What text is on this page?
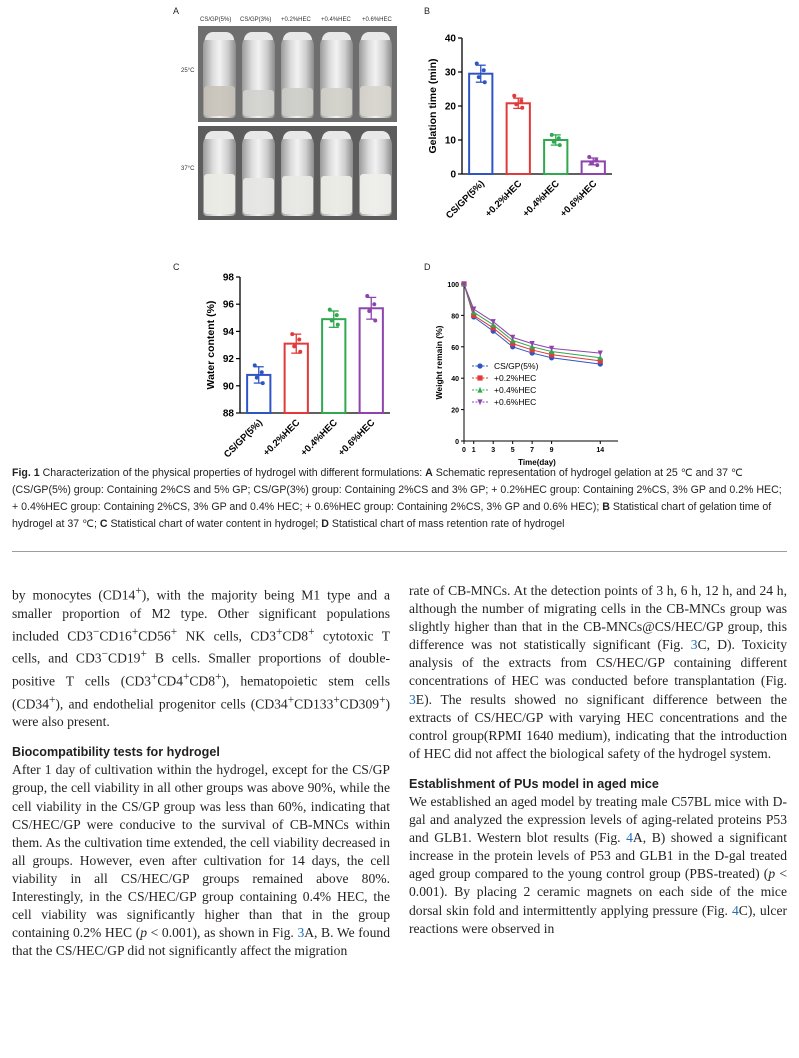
A	B
C	D
CS/GP(5%) CS/GP(3%) +0.2%HEC +0.4%HEC +0.6%HEC
25°C
37°C
0
10
20
30
40
Gelation time (min)
CS/GP(5%)
+0.2%HEC
+0.4%HEC
+0.6%HEC
88
90
92
94
96
98
Water content (%)
CS/GP(5%)
+0.2%HEC
+0.4%HEC
+0.6%HEC	0
20
40
60
80
100
0 1 3 5 7 9	14
Time(day)
Weight remain (%)	CS/GP(5%)
+0.2%HEC
+0.4%HEC
+0.6%HEC
Fig. 1 Characterization of the physical properties of hydrogel with different formulations: A Schematic representation of hydrogel gelation at 25 ℃ and 37 ℃ (CS/GP(5%) group: Containing 2%CS and 5% GP; CS/GP(3%) group: Containing 2%CS and 3% GP; + 0.2%HEC group: Containing 2%CS, 3% GP and 0.2% HEC; + 0.4%HEC group: Containing 2%CS, 3% GP and 0.4% HEC; + 0.6%HEC group: Containing 2%CS, 3% GP and 0.6% HEC); B Statistical chart of gelation time of hydrogel at 37 ℃; C Statistical chart of water content in hydrogel; D Statistical chart of mass retention rate of hydrogel

by monocytes (CD14+), with the majority being M1 type and a smaller proportion of M2 type. Other significant populations included CD3−CD16+CD56+ NK cells, CD3+CD8+ cytotoxic T cells, and CD3−CD19+ B cells. Smaller proportions of double-positive T cells (CD3+CD4+CD8+), hematopoietic stem cells (CD34+), and endothelial progenitor cells (CD34+CD133+CD309+) were also present.

Biocompatibility tests for hydrogel

After 1 day of cultivation within the hydrogel, except for the CS/GP group, the cell viability in all other groups was above 90%, while the cell viability in the CS/GP group was less than 60%, indicating that CS/HEC/GP were conducive to the survival of CB-MNCs within them. As the cultivation time extended, the cell viability decreased in all groups. However, even after cultivation for 14 days, the cell viability in all CS/HEC/GP groups remained above 80%. Interestingly, in the CS/HEC/GP group containing 0.4% HEC, the cell viability was significantly higher than that in the group containing 0.2% HEC (p < 0.001), as shown in Fig. 3A, B. We found that the CS/HEC/GP did not significantly affect the migration

rate of CB-MNCs. At the detection points of 3 h, 6 h, 12 h, and 24 h, although the number of migrating cells in the CB-MNCs group was slightly higher than that in the CB-MNCs@CS/HEC/GP group, this difference was not statistically significant (Fig. 3C, D). Toxicity analysis of the extracts from CS/HEC/GP containing different concentrations of HEC was conducted before transplantation (Fig. 3E). The results showed no significant difference between the extracts of CS/HEC/GP with varying HEC concentrations and the control group(RPMI 1640 medium), indicating that the introduction of HEC did not affect the biological safety of the hydrogel system.

Establishment of PUs model in aged mice

We established an aged model by treating male C57BL mice with D-gal and analyzed the expression levels of aging-related proteins P53 and GLB1. Western blot results (Fig. 4A, B) showed a significant increase in the protein levels of P53 and GLB1 in the D-gal treated aged group compared to the young control group (PBS-treated) (p < 0.001). By placing 2 ceramic magnets on each side of the mice dorsal skin fold and intermittently applying pressure (Fig. 4C), ulcer reactions were observed in
